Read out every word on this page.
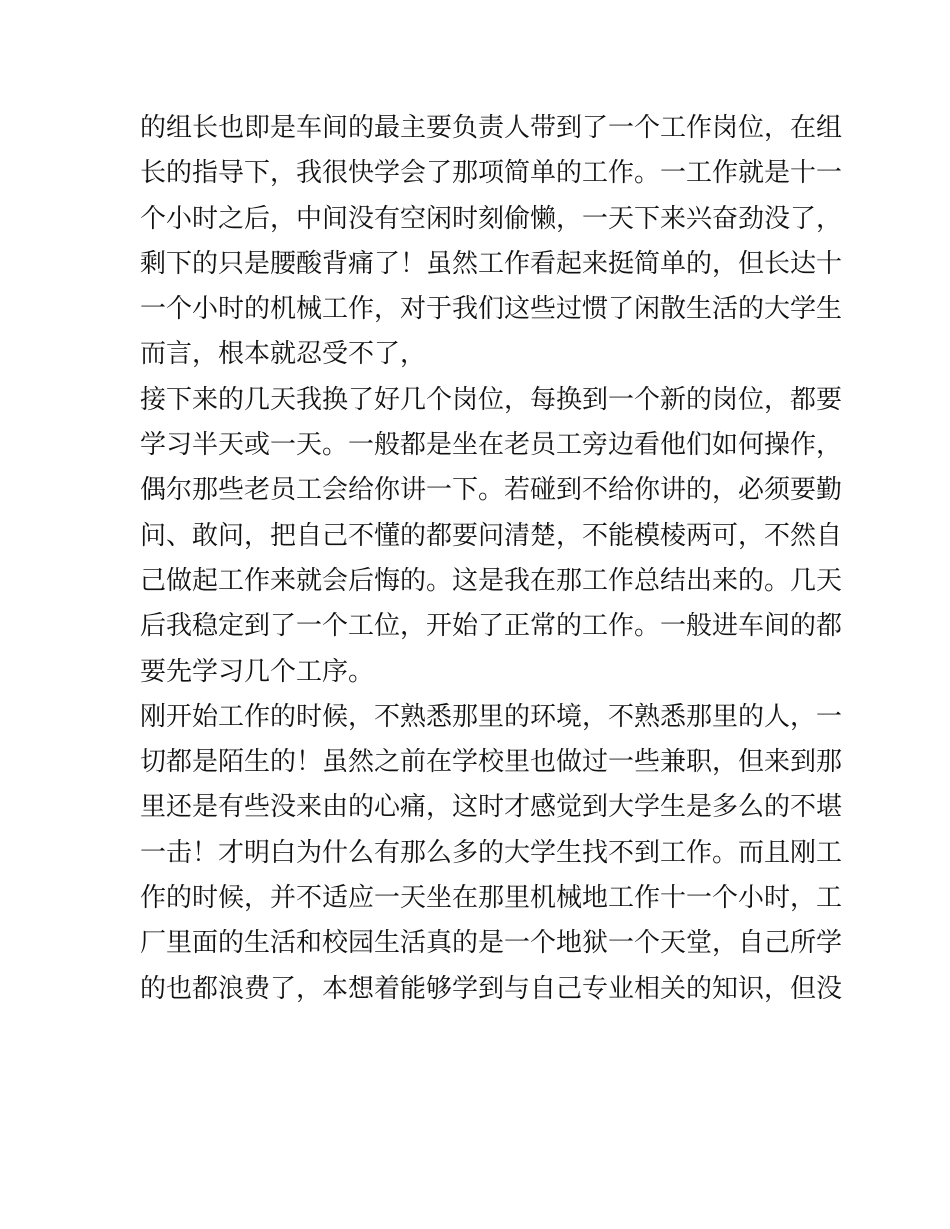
的组长也即是车间的最主要负责人带到了一个工作岗位，在组
长的指导下，我很快学会了那项简单的工作。一工作就是十一
个小时之后，中间没有空闲时刻偷懒，一天下来兴奋劲没了，
剩下的只是腰酸背痛了！虽然工作看起来挺简单的，但长达十
一个小时的机械工作，对于我们这些过惯了闲散生活的大学生
而言，根本就忍受不了，
接下来的几天我换了好几个岗位，每换到一个新的岗位，都要
学习半天或一天。一般都是坐在老员工旁边看他们如何操作，
偶尔那些老员工会给你讲一下。若碰到不给你讲的，必须要勤
问、敢问，把自己不懂的都要问清楚，不能模棱两可，不然自
己做起工作来就会后悔的。这是我在那工作总结出来的。几天
后我稳定到了一个工位，开始了正常的工作。一般进车间的都
要先学习几个工序。
刚开始工作的时候，不熟悉那里的环境，不熟悉那里的人，一
切都是陌生的！虽然之前在学校里也做过一些兼职，但来到那
里还是有些没来由的心痛，这时才感觉到大学生是多么的不堪
一击！才明白为什么有那么多的大学生找不到工作。而且刚工
作的时候，并不适应一天坐在那里机械地工作十一个小时，工
厂里面的生活和校园生活真的是一个地狱一个天堂，自己所学
的也都浪费了，本想着能够学到与自己专业相关的知识，但没
